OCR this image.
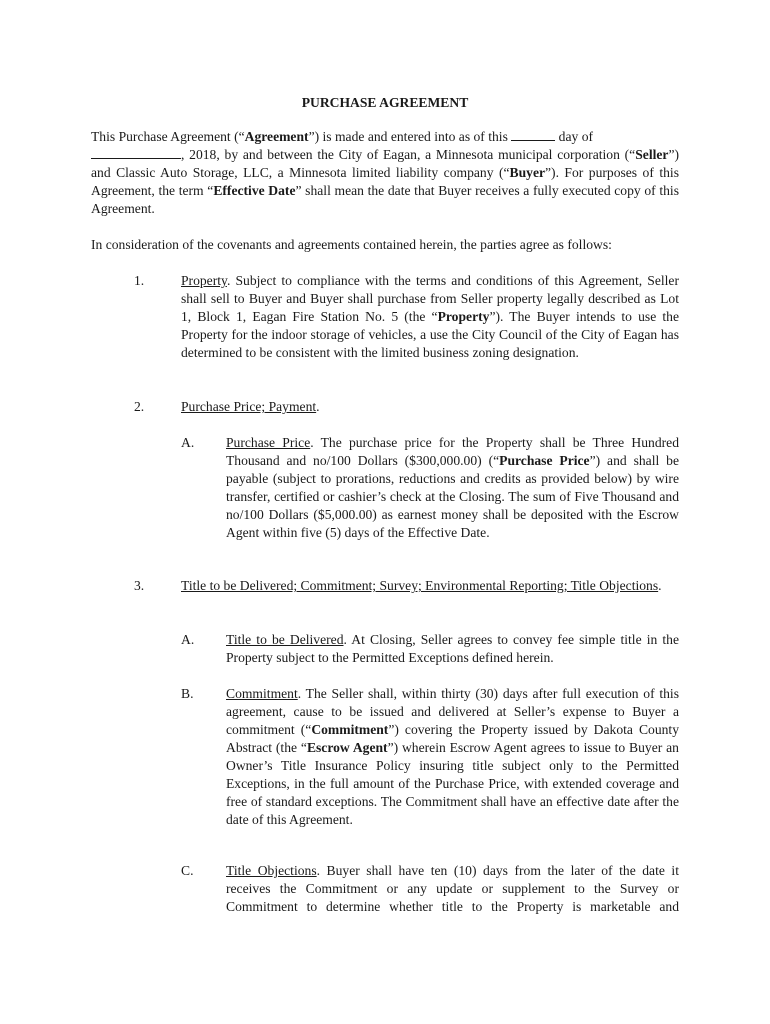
PURCHASE AGREEMENT

This Purchase Agreement (“Agreement”) is made and entered into as of this	day of
, 2018, by and between the City of Eagan, a Minnesota municipal corporation (“Seller”) and Classic Auto Storage, LLC, a Minnesota limited liability company (“Buyer”). For purposes of this Agreement, the term “Effective Date” shall mean the date that Buyer receives a fully executed copy of this Agreement.

In consideration of the covenants and agreements contained herein, the parties agree as follows:

1.	Property. Subject to compliance with the terms and conditions of this Agreement, Seller shall sell to Buyer and Buyer shall purchase from Seller property legally described as Lot 1, Block 1, Eagan Fire Station No. 5 (the “Property”). The Buyer intends to use the Property for the indoor storage of vehicles, a use the City Council of the City of Eagan has determined to be consistent with the limited business zoning designation.

2.	Purchase Price; Payment.

A.	Purchase Price. The purchase price for the Property shall be Three Hundred Thousand and no/100 Dollars ($300,000.00) (“Purchase Price”) and shall be payable (subject to prorations, reductions and credits as provided below) by wire transfer, certified or cashier’s check at the Closing. The sum of Five Thousand and no/100 Dollars ($5,000.00) as earnest money shall be deposited with the Escrow Agent within five (5) days of the Effective Date.

3.	Title to be Delivered; Commitment; Survey; Environmental Reporting; Title Objections.

A.	Title to be Delivered. At Closing, Seller agrees to convey fee simple title in the Property subject to the Permitted Exceptions defined herein.

B.	Commitment. The Seller shall, within thirty (30) days after full execution of this agreement, cause to be issued and delivered at Seller’s expense to Buyer a commitment (“Commitment”) covering the Property issued by Dakota County Abstract (the “Escrow Agent”) wherein Escrow Agent agrees to issue to Buyer an Owner’s Title Insurance Policy insuring title subject only to the Permitted Exceptions, in the full amount of the Purchase Price, with extended coverage and free of standard exceptions. The Commitment shall have an effective date after the date of this Agreement.

C.	Title Objections. Buyer shall have ten (10) days from the later of the date it receives the Commitment or any update or supplement to the Survey or Commitment to determine whether title to the Property is marketable and
